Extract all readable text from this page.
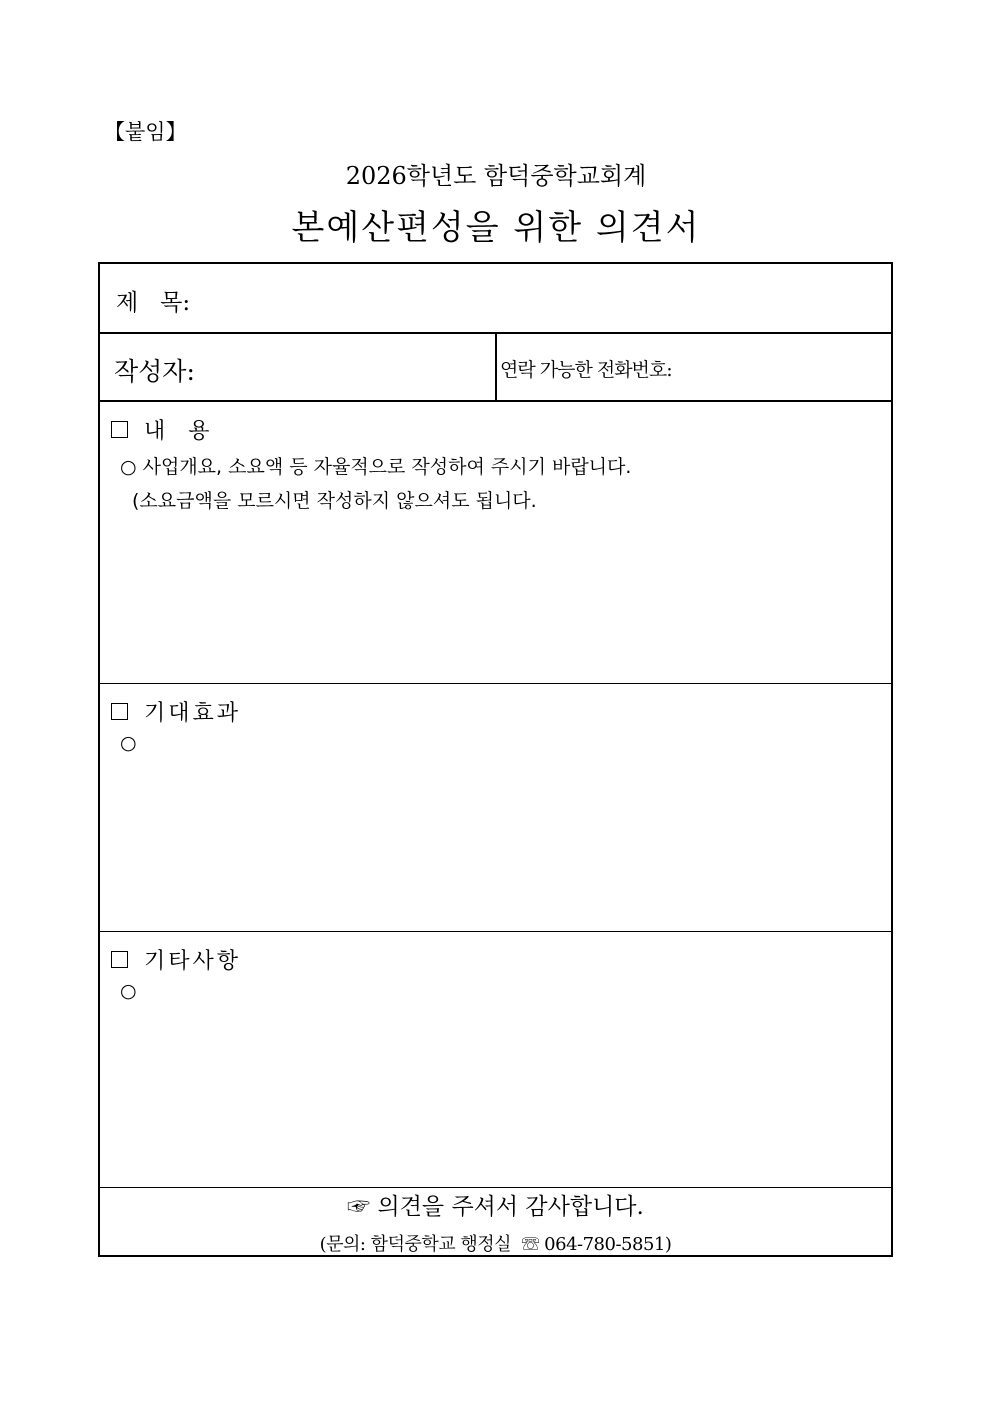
【붙임】
2026학년도 함덕중학교회계
본예산편성을 위한 의견서
제   목:
작성자:	연락 가능한 전화번호:
내  용
○ 사업개요, 소요액 등 자율적으로 작성하여 주시기 바랍니다.
(소요금액을 모르시면 작성하지 않으셔도 됩니다.
기대효과
○
기타사항
○
☞ 의견을 주셔서 감사합니다.
(문의: 함덕중학교 행정실  ☏ 064-780-5851)
